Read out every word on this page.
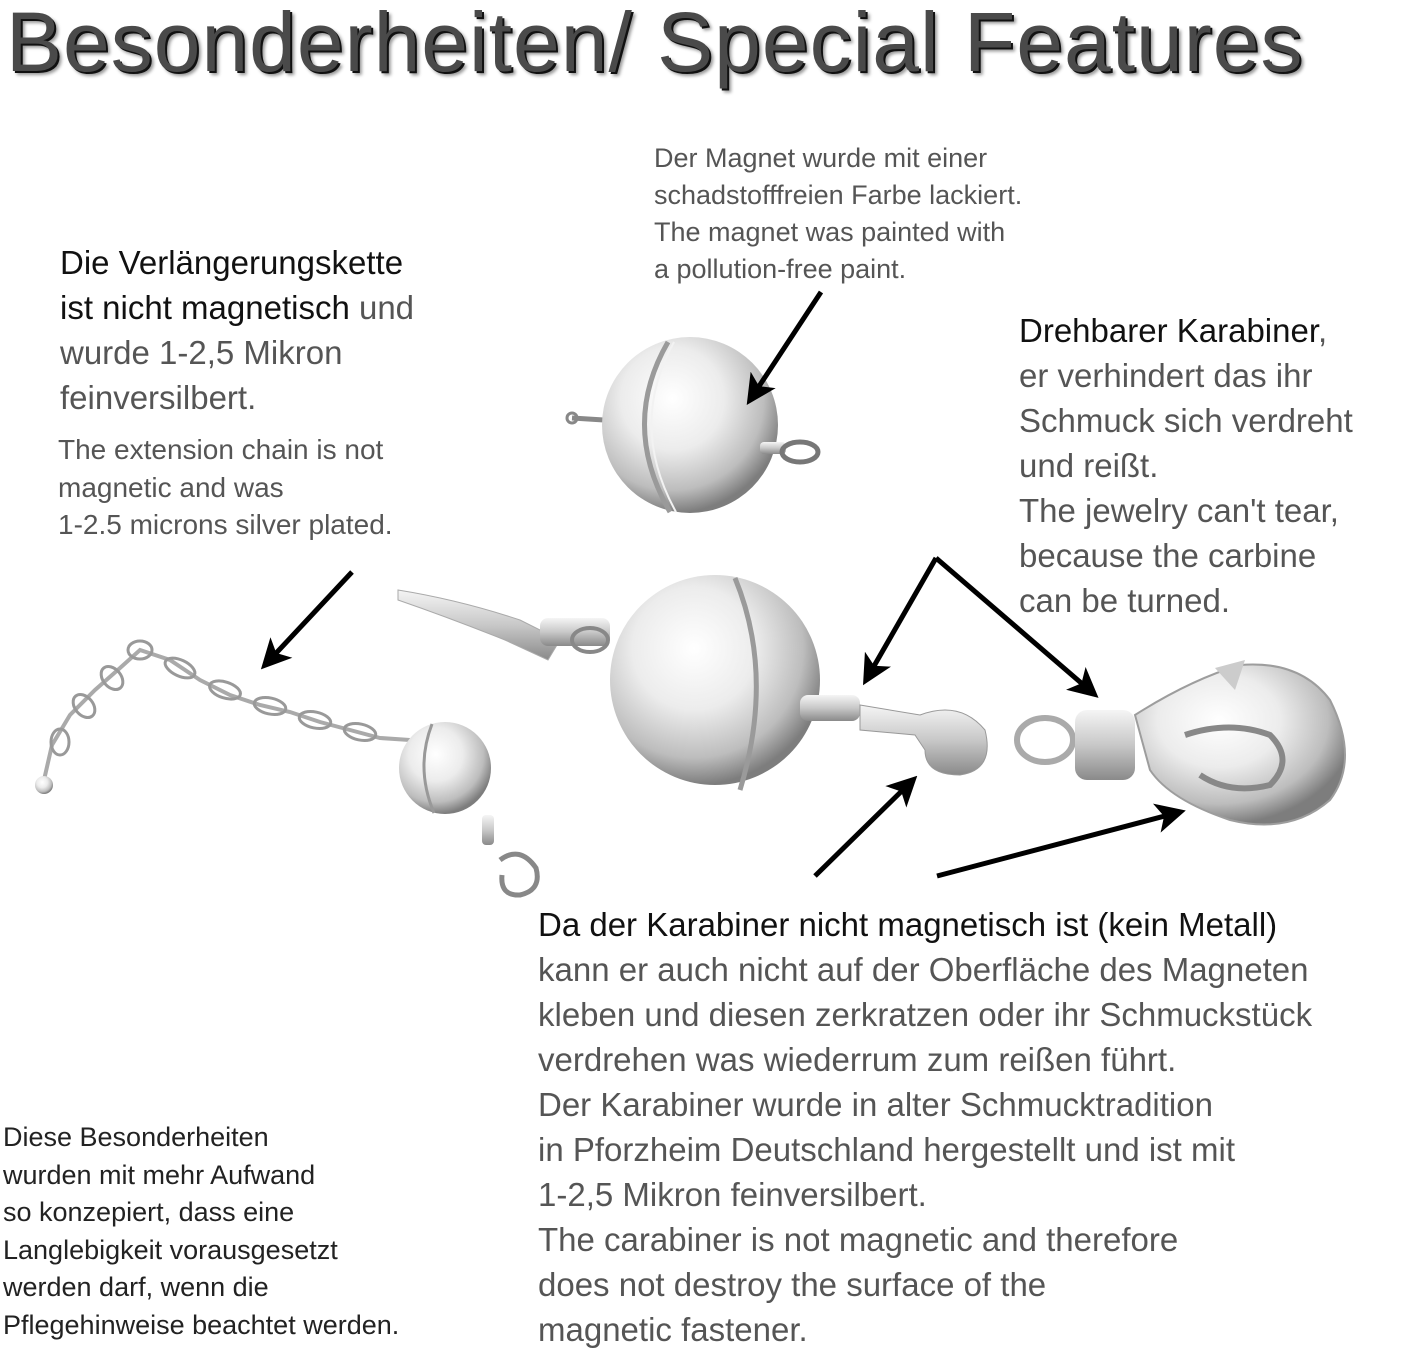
Besonderheiten/ Special Features

Der Magnet wurde mit einer

schadstofffreien Farbe lackiert.

The magnet was painted with

a pollution-free paint.

Die Verlängerungskette

ist nicht magnetisch und

wurde 1-2,5 Mikron

feinversilbert.

The extension chain is not

magnetic and was

1-2.5 microns silver plated.

Drehbarer Karabiner,

er verhindert das ihr

Schmuck sich verdreht

und reißt.

The jewelry can't tear,

because the carbine

can be turned.

Da der Karabiner nicht magnetisch ist (kein Metall)

kann er auch nicht auf der Oberfläche des Magneten

kleben und diesen zerkratzen oder ihr Schmuckstück

verdrehen was wiederrum zum reißen führt.

Der Karabiner wurde in alter Schmucktradition

in Pforzheim Deutschland hergestellt und ist mit

1-2,5 Mikron feinversilbert.

The carabiner is not magnetic and therefore

does not destroy the surface of the

magnetic fastener.

Diese Besonderheiten

wurden mit mehr Aufwand

so konzepiert, dass eine

Langlebigkeit vorausgesetzt

werden darf, wenn die

Pflegehinweise beachtet werden.
